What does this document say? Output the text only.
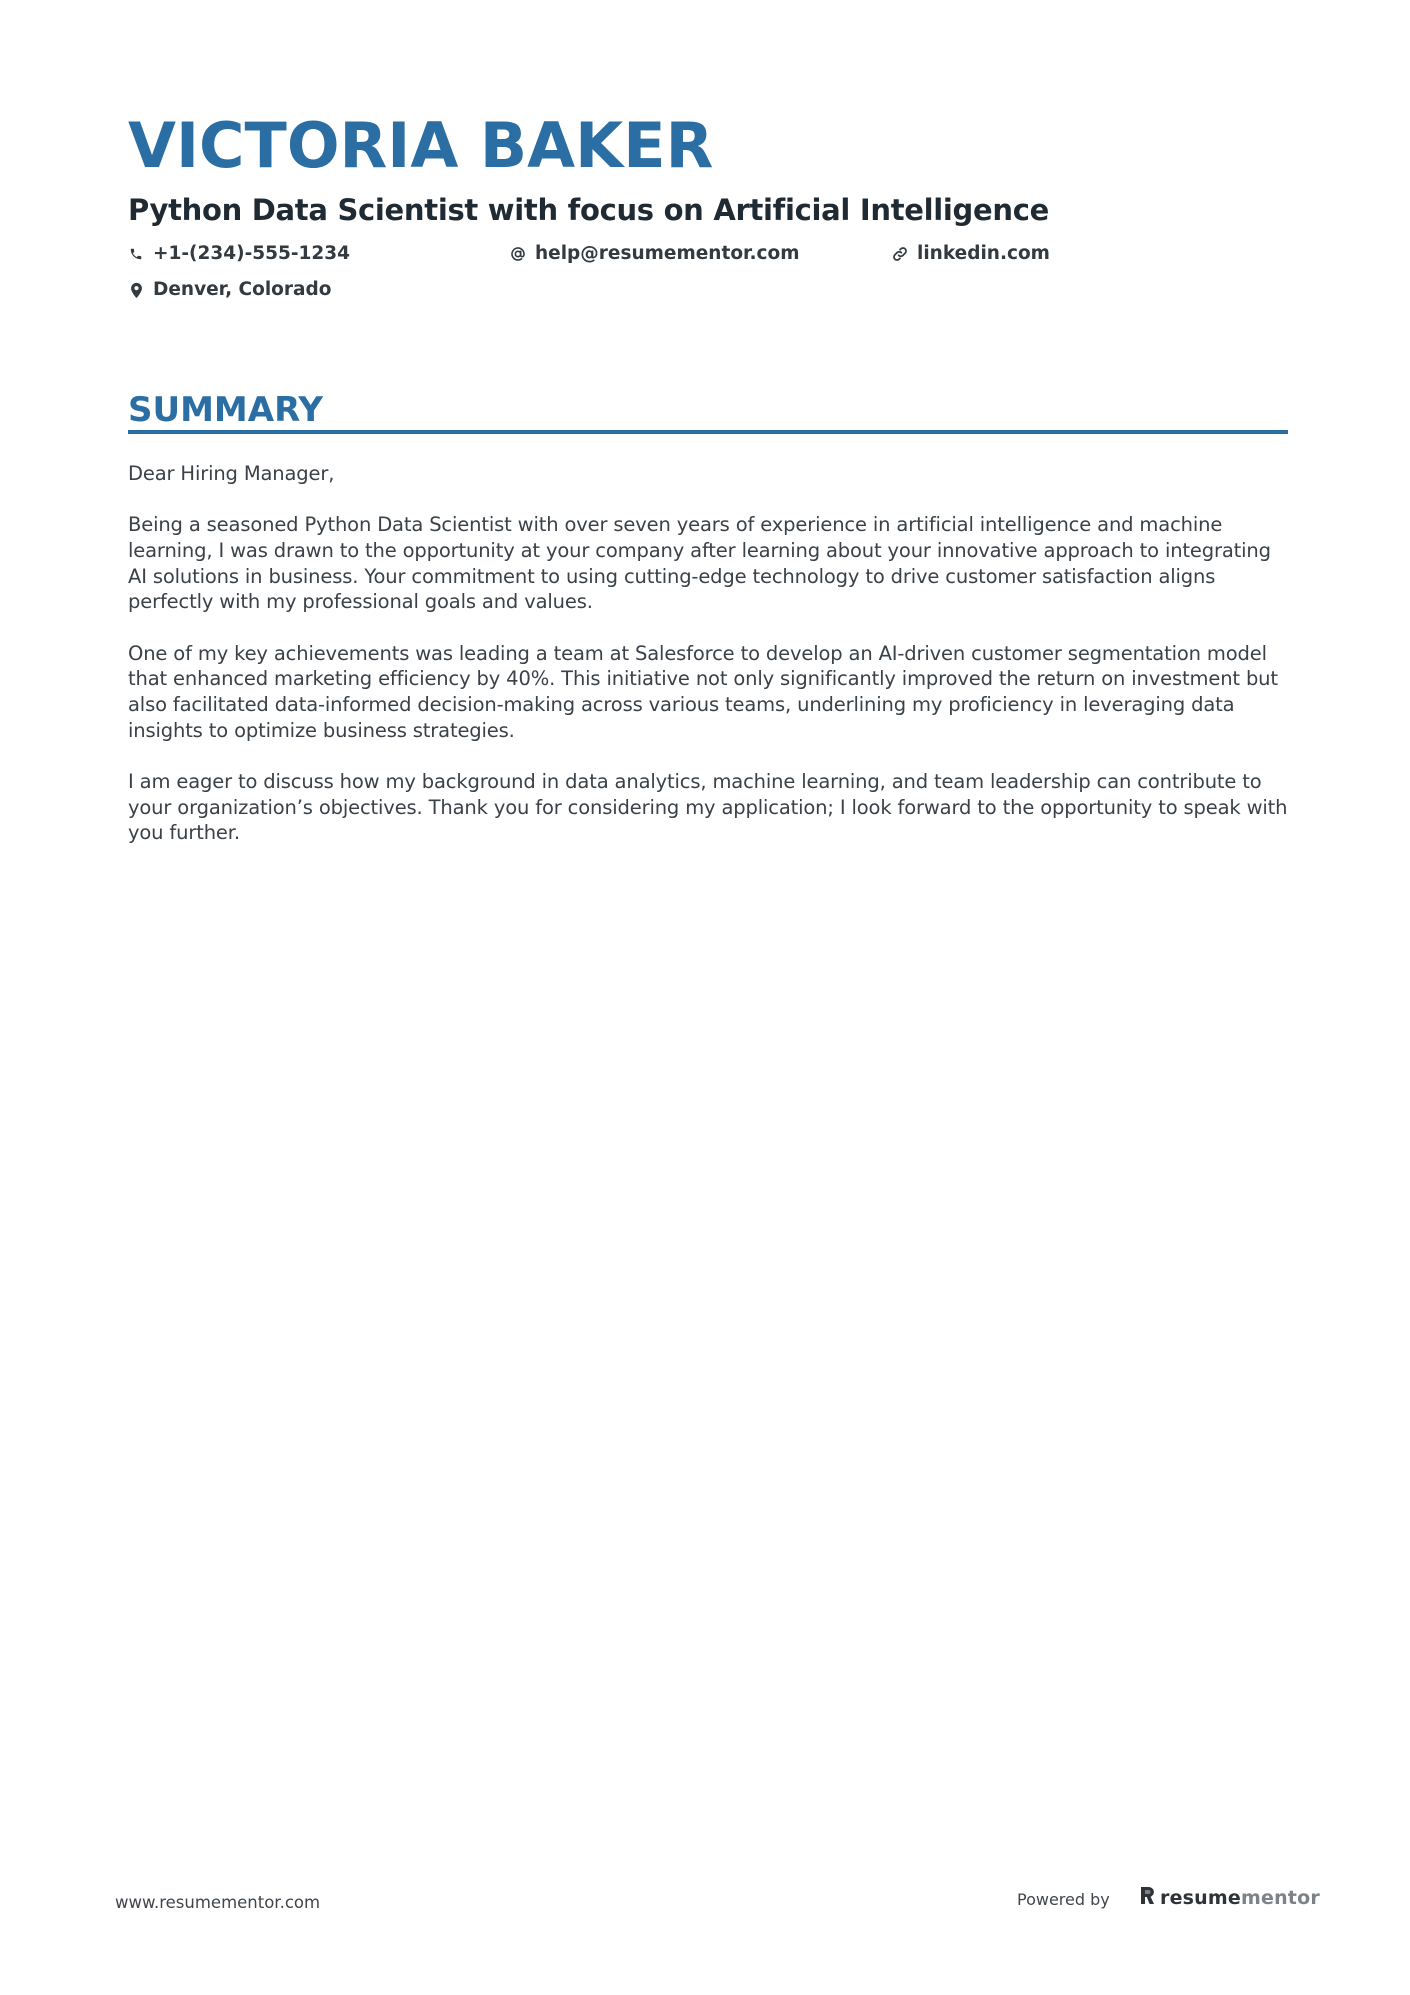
VICTORIA BAKER
Python Data Scientist with focus on Artificial Intelligence
+1-(234)-555-1234	help@resumementor.com	linkedin.com
Denver, Colorado
SUMMARY

Dear Hiring Manager,

Being a seasoned Python Data Scientist with over seven years of experience in artificial intelligence and machine learning, I was drawn to the opportunity at your company after learning about your innovative approach to integrating AI solutions in business. Your commitment to using cutting-edge technology to drive customer satisfaction aligns perfectly with my professional goals and values.

One of my key achievements was leading a team at Salesforce to develop an AI-driven customer segmentation model that enhanced marketing efficiency by 40%. This initiative not only significantly improved the return on investment but also facilitated data-informed decision-making across various teams, underlining my proficiency in leveraging data insights to optimize business strategies.

I am eager to discuss how my background in data analytics, machine learning, and team leadership can contribute to your organization’s objectives. Thank you for considering my application; I look forward to the opportunity to speak with you further.

www.resumementor.com	Powered by	resumementor
